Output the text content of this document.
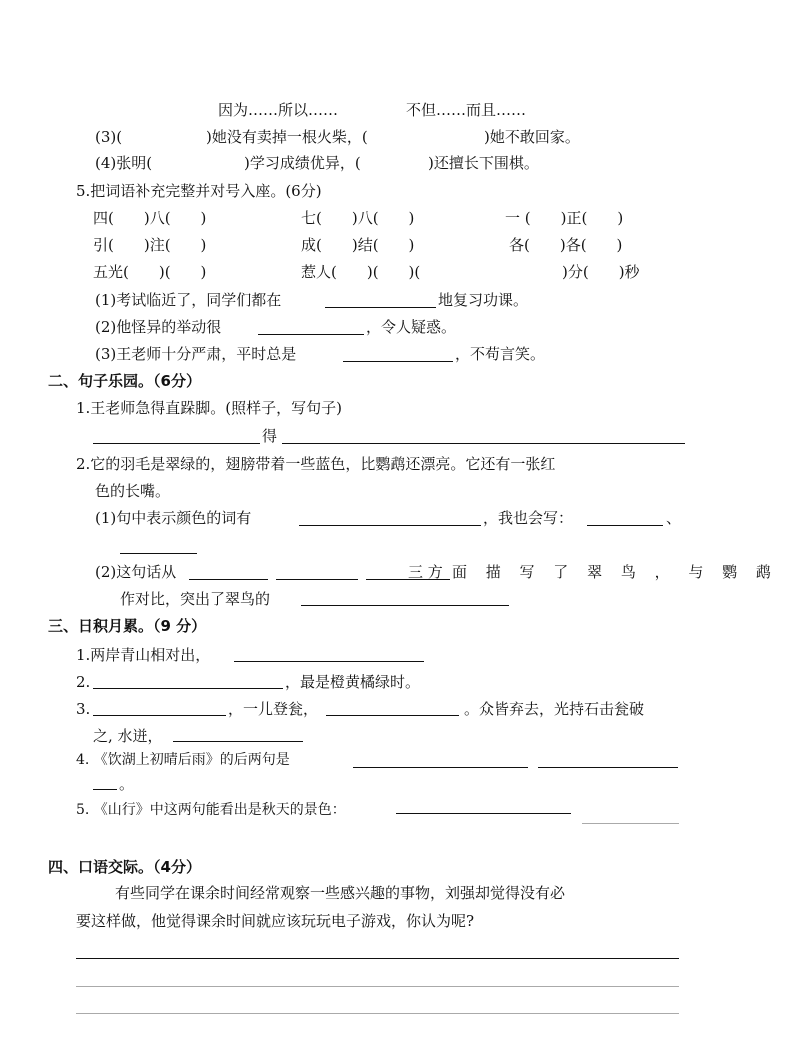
因为……所以……	不但……而且……
(3)(	)她没有卖掉一根火柴，(	)她不敢回家。
(4)张明(	)学习成绩优异，(	)还擅长下围棋。
5.把词语补充完整并对号入座。(6分)
四(　　)八(　　)	七(　　)八(　　)	一 (　　)正(　　)
引(　　)注(　　)	成(　　)结(　　)	各(　　)各(　　)
五光(　　)(　　)	惹人(　　)(　　)(	)分(　　)秒
(1)考试临近了，同学们都在	地复习功课。
(2)他怪异的举动很	，令人疑惑。
(3)王老师十分严肃，平时总是	，不苟言笑。
二、句子乐园。（6分）
1.王老师急得直跺脚。(照样子，写句子)
得
2.它的羽毛是翠绿的，翅膀带着一些蓝色，比鹦鹉还漂亮。它还有一张红
色的长嘴。
(1)句中表示颜色的词有	，我也会写：	、
(2)这句话从	三 方 面 描 写 了 翠 鸟 ， 与 鹦 鹉
作对比，突出了翠鸟的
三、日积月累。（9 分）
1.两岸青山相对出，
2.	，最是橙黄橘绿时。
3.	，一儿登瓮，	。众皆弃去，光持石击瓮破
之, 水迸，
4. 《饮湖上初晴后雨》的后两句是
。
5. 《山行》中这两句能看出是秋天的景色：
四、口语交际。（4分）
有些同学在课余时间经常观察一些感兴趣的事物，刘强却觉得没有必
要这样做，他觉得课余时间就应该玩玩电子游戏，你认为呢?
